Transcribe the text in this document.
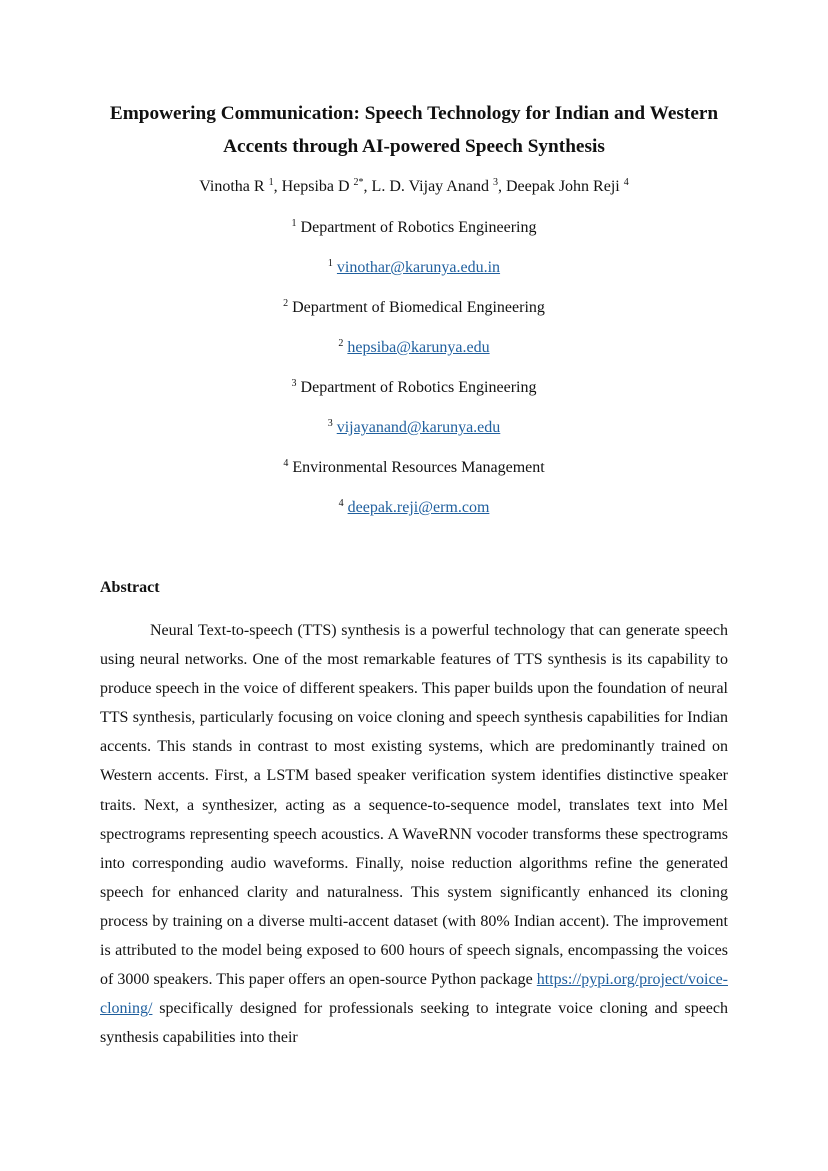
Empowering Communication: Speech Technology for Indian and Western
Accents through AI-powered Speech Synthesis
Vinotha R $^1$, Hepsiba D $^{2*}$, L. D. Vijay Anand $^3$, Deepak John Reji $^4$
$^1$ Department of Robotics Engineering
$^1$ vinothar@karunya.edu.in
$^2$ Department of Biomedical Engineering
$^2$ hepsiba@karunya.edu
$^3$ Department of Robotics Engineering
$^3$ vijayanand@karunya.edu
$^4$ Environmental Resources Management
$^4$ deepak.reji@erm.com
Abstract

Neural Text-to-speech (TTS) synthesis is a powerful technology that can generate speech using neural networks. One of the most remarkable features of TTS synthesis is its capability to produce speech in the voice of different speakers. This paper builds upon the foundation of neural TTS synthesis, particularly focusing on voice cloning and speech synthesis capabilities for Indian accents. This stands in contrast to most existing systems, which are predominantly trained on Western accents. First, a LSTM based speaker verification system identifies distinctive speaker traits. Next, a synthesizer, acting as a sequence-to-sequence model, translates text into Mel spectrograms representing speech acoustics. A WaveRNN vocoder transforms these spectrograms into corresponding audio waveforms. Finally, noise reduction algorithms refine the generated speech for enhanced clarity and naturalness. This system significantly enhanced its cloning process by training on a diverse multi-accent dataset (with 80% Indian accent). The improvement is attributed to the model being exposed to 600 hours of speech signals, encompassing the voices of 3000 speakers. This paper offers an open-source Python package https://pypi.org/project/voice-cloning/ specifically designed for professionals seeking to integrate voice cloning and speech synthesis capabilities into their
